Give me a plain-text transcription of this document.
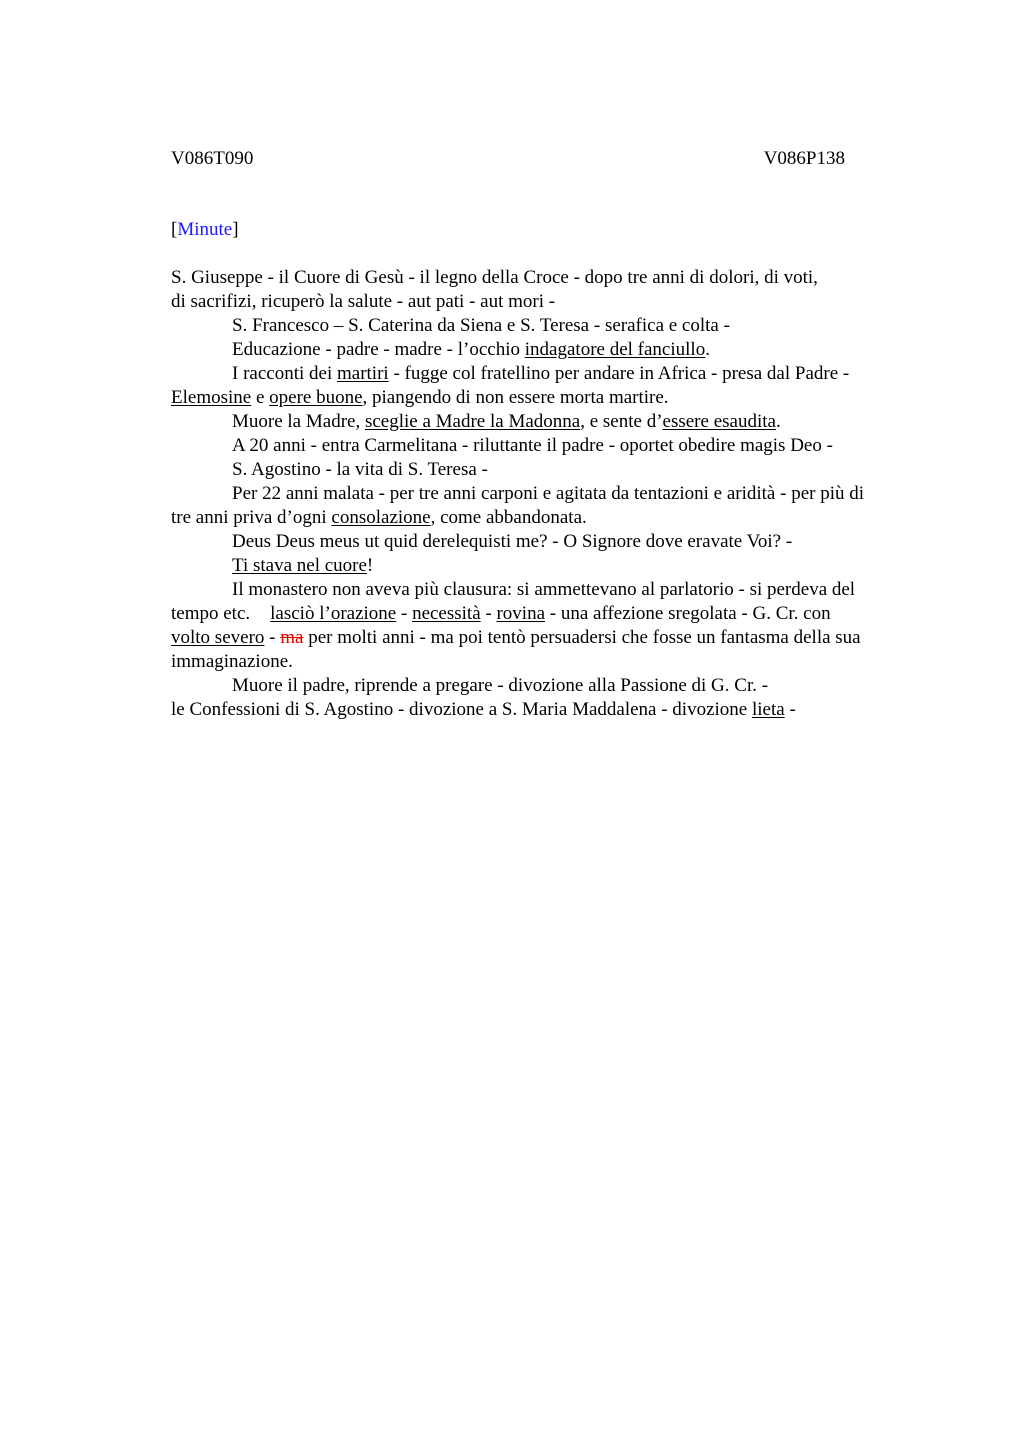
V086T090	V086P138
[Minute]
S. Giuseppe - il Cuore di Gesù - il legno della Croce - dopo tre anni di dolori, di voti,
di sacrifizi, ricuperò la salute - aut pati - aut mori -
S. Francesco – S. Caterina da Siena e S. Teresa - serafica e colta -
Educazione - padre - madre - l’occhio indagatore del fanciullo.
I racconti dei martiri - fugge col fratellino per andare in Africa - presa dal Padre -
Elemosine e opere buone, piangendo di non essere morta martire.
Muore la Madre, sceglie a Madre la Madonna, e sente d’essere esaudita.
A 20 anni - entra Carmelitana - riluttante il padre - oportet obedire magis Deo -
S. Agostino - la vita di S. Teresa -
Per 22 anni malata - per tre anni carponi e agitata da tentazioni e aridità - per più di
tre anni priva d’ogni consolazione, come abbandonata.
Deus Deus meus ut quid derelequisti me? - O Signore dove eravate Voi? -
Ti stava nel cuore!
Il monastero non aveva più clausura: si ammettevano al parlatorio - si perdeva del
tempo etc. lasciò l’orazione - necessità - rovina - una affezione sregolata - G. Cr. con
volto severo - ma per molti anni - ma poi tentò persuadersi che fosse un fantasma della sua
immaginazione.
Muore il padre, riprende a pregare - divozione alla Passione di G. Cr. -
le Confessioni di S. Agostino - divozione a S. Maria Maddalena - divozione lieta -
